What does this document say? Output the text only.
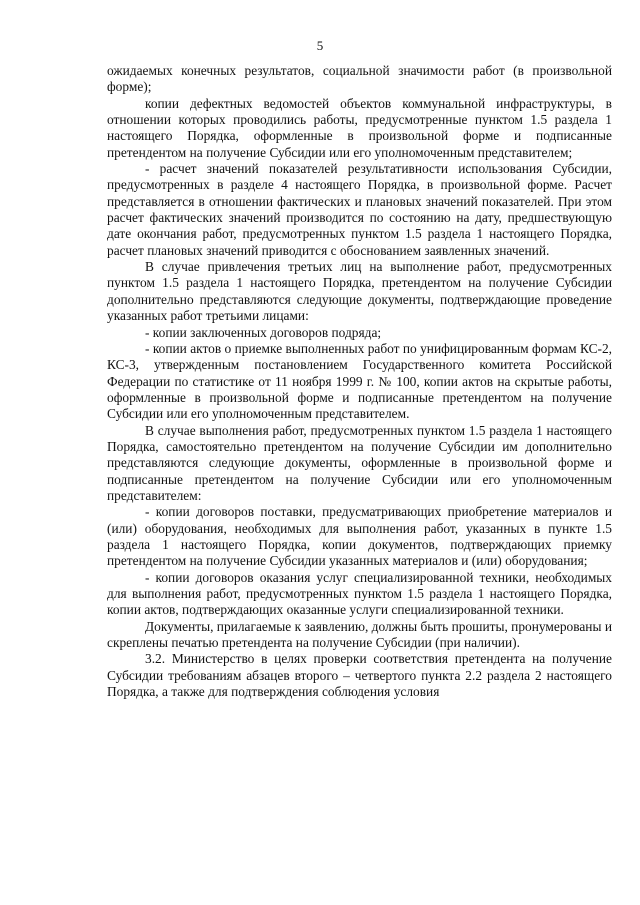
5

ожидаемых конечных результатов, социальной значимости работ (в произвольной форме);

копии дефектных ведомостей объектов коммунальной инфраструктуры, в отношении которых проводились работы, предусмотренные пунктом 1.5 раздела 1 настоящего Порядка, оформленные в произвольной форме и подписанные претендентом на получение Субсидии или его уполномоченным представителем;

- расчет значений показателей результативности использования Субсидии, предусмотренных в разделе 4 настоящего Порядка, в произвольной форме. Расчет представляется в отношении фактических и плановых значений показателей. При этом расчет фактических значений производится по состоянию на дату, предшествующую дате окончания работ, предусмотренных пунктом 1.5 раздела 1 настоящего Порядка, расчет плановых значений приводится с обоснованием заявленных значений.

В случае привлечения третьих лиц на выполнение работ, предусмотренных пунктом 1.5 раздела 1 настоящего Порядка, претендентом на получение Субсидии дополнительно представляются следующие документы, подтверждающие проведение указанных работ третьими лицами:

- копии заключенных договоров подряда;

- копии актов о приемке выполненных работ по унифицированным формам КС-2, КС-3, утвержденным постановлением Государственного комитета Российской Федерации по статистике от 11 ноября 1999 г. № 100, копии актов на скрытые работы, оформленные в произвольной форме и подписанные претендентом на получение Субсидии или его уполномоченным представителем.

В случае выполнения работ, предусмотренных пунктом 1.5 раздела 1 настоящего Порядка, самостоятельно претендентом на получение Субсидии им дополнительно представляются следующие документы, оформленные в произвольной форме и подписанные претендентом на получение Субсидии или его уполномоченным представителем:

- копии договоров поставки, предусматривающих приобретение материалов и (или) оборудования, необходимых для выполнения работ, указанных в пункте 1.5 раздела 1 настоящего Порядка, копии документов, подтверждающих приемку претендентом на получение Субсидии указанных материалов и (или) оборудования;

- копии договоров оказания услуг специализированной техники, необходимых для выполнения работ, предусмотренных пунктом 1.5 раздела 1 настоящего Порядка, копии актов, подтверждающих оказанные услуги специализированной техники.

Документы, прилагаемые к заявлению, должны быть прошиты, пронумерованы и скреплены печатью претендента на получение Субсидии (при наличии).

3.2. Министерство в целях проверки соответствия претендента на получение Субсидии требованиям абзацев второго – четвертого пункта 2.2 раздела 2 настоящего Порядка, а также для подтверждения соблюдения условия
